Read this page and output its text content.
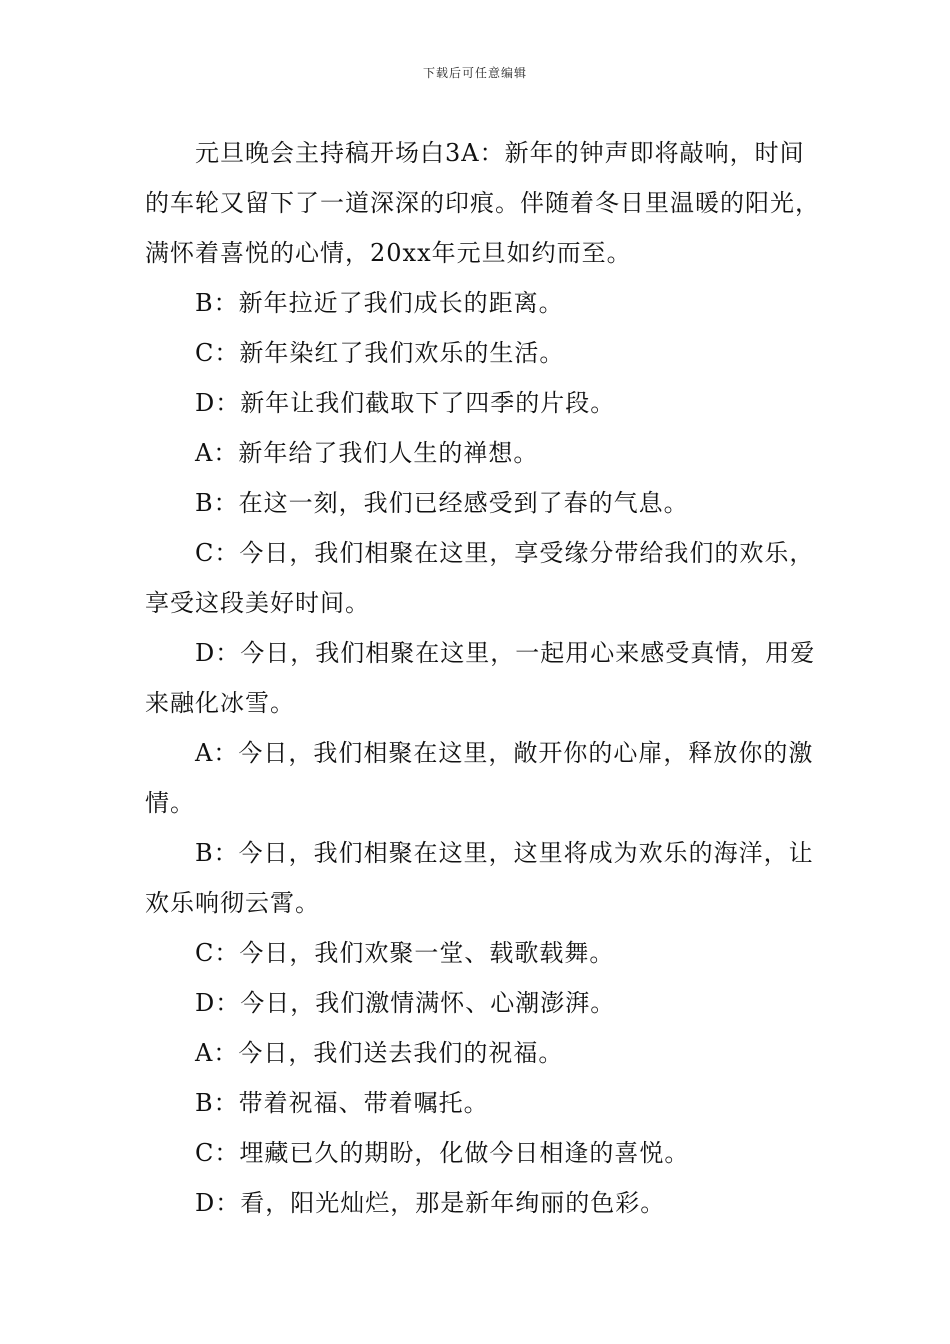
下载后可任意编辑

元旦晚会主持稿开场白3A：新年的钟声即将敲响，时间的车轮又留下了一道深深的印痕。伴随着冬日里温暖的阳光，满怀着喜悦的心情，20xx年元旦如约而至。

B：新年拉近了我们成长的距离。

C：新年染红了我们欢乐的生活。

D：新年让我们截取下了四季的片段。

A：新年给了我们人生的禅想。

B：在这一刻，我们已经感受到了春的气息。

C：今日，我们相聚在这里，享受缘分带给我们的欢乐，享受这段美好时间。

D：今日，我们相聚在这里，一起用心来感受真情，用爱来融化冰雪。

A：今日，我们相聚在这里，敞开你的心扉，释放你的激情。

B：今日，我们相聚在这里，这里将成为欢乐的海洋，让欢乐响彻云霄。

C：今日，我们欢聚一堂、载歌载舞。

D：今日，我们激情满怀、心潮澎湃。

A：今日，我们送去我们的祝福。

B：带着祝福、带着嘱托。

C：埋藏已久的期盼，化做今日相逢的喜悦。

D：看，阳光灿烂，那是新年绚丽的色彩。
